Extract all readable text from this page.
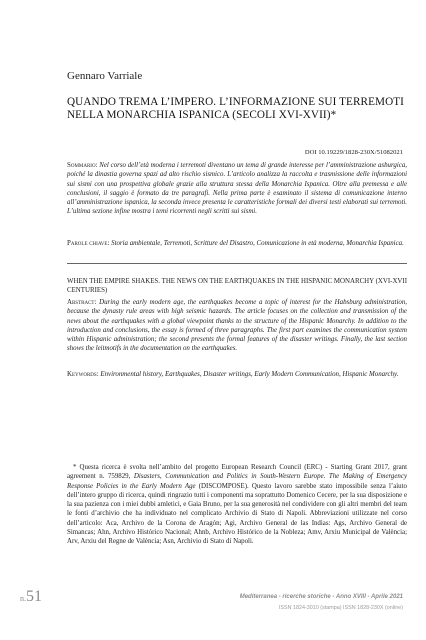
Gennaro Varriale
QUANDO TREMA L’IMPERO. L’INFORMAZIONE SUI TERREMOTI NELLA MONARCHIA ISPANICA (SECOLI XVI-XVII)*
DOI 10.19229/1828-230X/51082021
Sommario: Nel corso dell’età moderna i terremoti diventano un tema di grande interesse per l’amministrazione asburgica, poiché la dinastia governa spazi ad alto rischio sismico. L’articolo analizza la raccolta e trasmissione delle informazioni sui sismi con una prospettiva globale grazie alla struttura stessa della Monarchia Ispanica. Oltre alla premessa e alle conclusioni, il saggio è formato da tre paragrafi. Nella prima parte è esaminato il sistema di comunicazione interno all’amministrazione ispanica, la seconda invece presenta le caratteristiche formali dei diversi testi elaborati sui terremoti. L’ultima sezione infine mostra i temi ricorrenti negli scritti sui sismi.
Parole chiave: Storia ambientale, Terremoti, Scritture del Disastro, Comunicazione in età moderna, Monarchia Ispanica.
WHEN THE EMPIRE SHAKES. THE NEWS ON THE EARTHQUAKES IN THE HISPANIC MONARCHY (XVI-XVII CENTURIES)
Abstract: During the early modern age, the earthquakes become a topic of interest for the Habsburg administration, because the dynasty rule areas with high seismic hazards. The article focuses on the collection and transmission of the news about the earthquakes with a global viewpoint thanks to the structure of the Hispanic Monarchy. In addition to the introduction and conclusions, the essay is formed of three paragraphs. The first part examines the communication system within Hispanic administration; the second presents the formal features of the disaster writings. Finally, the last section shows the leitmotifs in the documentation on the earthquakes.
Keywords: Environmental history, Earthquakes, Disaster writings, Early Modern Communication, Hispanic Monarchy.
* Questa ricerca è svolta nell’ambito del progetto European Research Council (ERC) - Starting Grant 2017, grant agreement n. 759829, Disasters, Communication and Politics in South-Western Europe. The Making of Emergency Response Policies in the Early Modern Age (DISCOMPOSE). Questo lavoro sarebbe stato impossibile senza l’aiuto dell’intero gruppo di ricerca, quindi ringrazio tutti i componenti ma soprattutto Domenico Cecere, per la sua disposizione e la sua pazienza con i miei dubbi amletici, e Gaia Bruno, per la sua generosità nel condividere con gli altri membri del team le fonti d’archivio che ha individuato nel complicato Archivio di Stato di Napoli. Abbreviazioni utilizzate nel corso dell’articolo: Aca, Archivo de la Corona de Aragón; Agi, Archivo General de las Indias: Ags, Archivo General de Simancas; Ahn, Archivo Histórico Nacional; Ahnb, Archivo Histórico de la Nobleza; Amv, Arxiu Municipal de València; Arv, Arxiu del Regne de València; Asn, Archivio di Stato di Napoli.
n.51	Mediterranea - ricerche storiche - Anno XVIII - Aprile 2021
ISSN 1824-3010 (stampa) ISSN 1828-230X (online)
